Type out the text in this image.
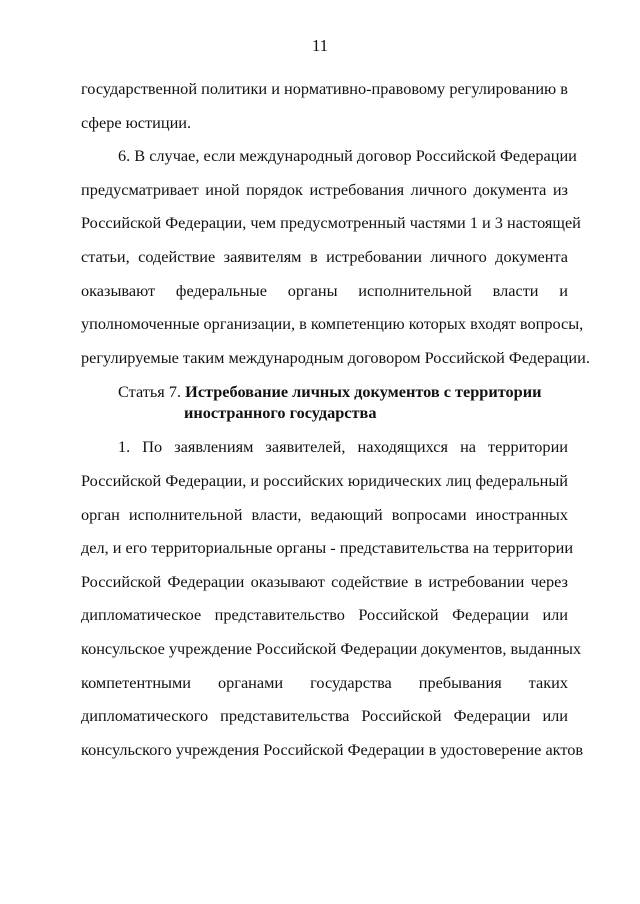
11
государственной политики и нормативно-правовому регулированию в
сфере юстиции.
6. В случае, если международный договор Российской Федерации
предусматривает иной порядок истребования личного документа из
Российской Федерации, чем предусмотренный частями 1 и 3 настоящей
статьи, содействие заявителям в истребовании личного документа
оказывают федеральные органы исполнительной власти и
уполномоченные организации, в компетенцию которых входят вопросы,
регулируемые таким международным договором Российской Федерации.
Статья 7. Истребование личных документов с территории
иностранного государства
1. По заявлениям заявителей, находящихся на территории
Российской Федерации, и российских юридических лиц федеральный
орган исполнительной власти, ведающий вопросами иностранных
дел, и его территориальные органы - представительства на территории
Российской Федерации оказывают содействие в истребовании через
дипломатическое представительство Российской Федерации или
консульское учреждение Российской Федерации документов, выданных
компетентными органами государства пребывания таких
дипломатического представительства Российской Федерации или
консульского учреждения Российской Федерации в удостоверение актов
